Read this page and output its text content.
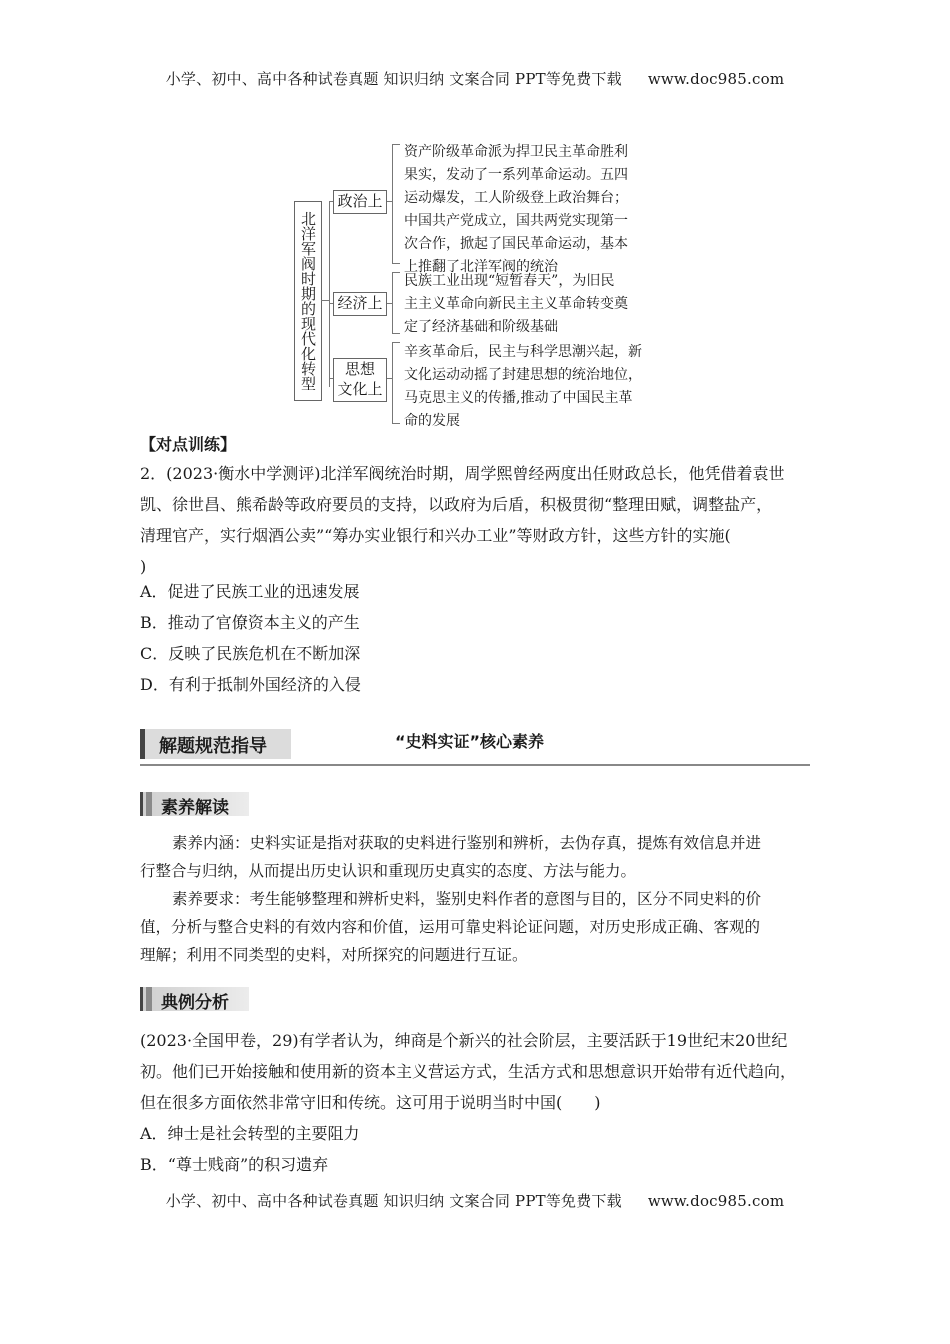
小学、初中、高中各种试卷真题 知识归纳 文案合同 PPT等免费下载 www.doc985.com
北洋军阀时期的现代化转型
政治上
经济上
思想
文化上
资产阶级革命派为捍卫民主革命胜利
果实，发动了一系列革命运动。五四
运动爆发，工人阶级登上政治舞台；
中国共产党成立，国共两党实现第一
次合作，掀起了国民革命运动，基本
上推翻了北洋军阀的统治
民族工业出现“短暂春天”，为旧民
主主义革命向新民主主义革命转变奠
定了经济基础和阶级基础
辛亥革命后，民主与科学思潮兴起，新
文化运动动摇了封建思想的统治地位，
马克思主义的传播,推动了中国民主革
命的发展
【对点训练】
2．(2023·衡水中学测评)北洋军阀统治时期，周学熙曾经两度出任财政总长，他凭借着袁世
凯、徐世昌、熊希龄等政府要员的支持，以政府为后盾，积极贯彻“整理田赋，调整盐产，
清理官产，实行烟酒公卖”“筹办实业银行和兴办工业”等财政方针，这些方针的实施(
)
A．促进了民族工业的迅速发展
B．推动了官僚资本主义的产生
C．反映了民族危机在不断加深
D．有利于抵制外国经济的入侵
解题规范指导	“史料实证”核心素养
素养解读
素养内涵：史料实证是指对获取的史料进行鉴别和辨析，去伪存真，提炼有效信息并进
行整合与归纳，从而提出历史认识和重现历史真实的态度、方法与能力。
素养要求：考生能够整理和辨析史料，鉴别史料作者的意图与目的，区分不同史料的价
值，分析与整合史料的有效内容和价值，运用可靠史料论证问题，对历史形成正确、客观的
理解；利用不同类型的史料，对所探究的问题进行互证。
典例分析
(2023·全国甲卷，29)有学者认为，绅商是个新兴的社会阶层，主要活跃于19世纪末20世纪
初。他们已开始接触和使用新的资本主义营运方式，生活方式和思想意识开始带有近代趋向，
但在很多方面依然非常守旧和传统。这可用于说明当时中国(　　)
A．绅士是社会转型的主要阻力
B．“尊士贱商”的积习遗弃
小学、初中、高中各种试卷真题 知识归纳 文案合同 PPT等免费下载 www.doc985.com
